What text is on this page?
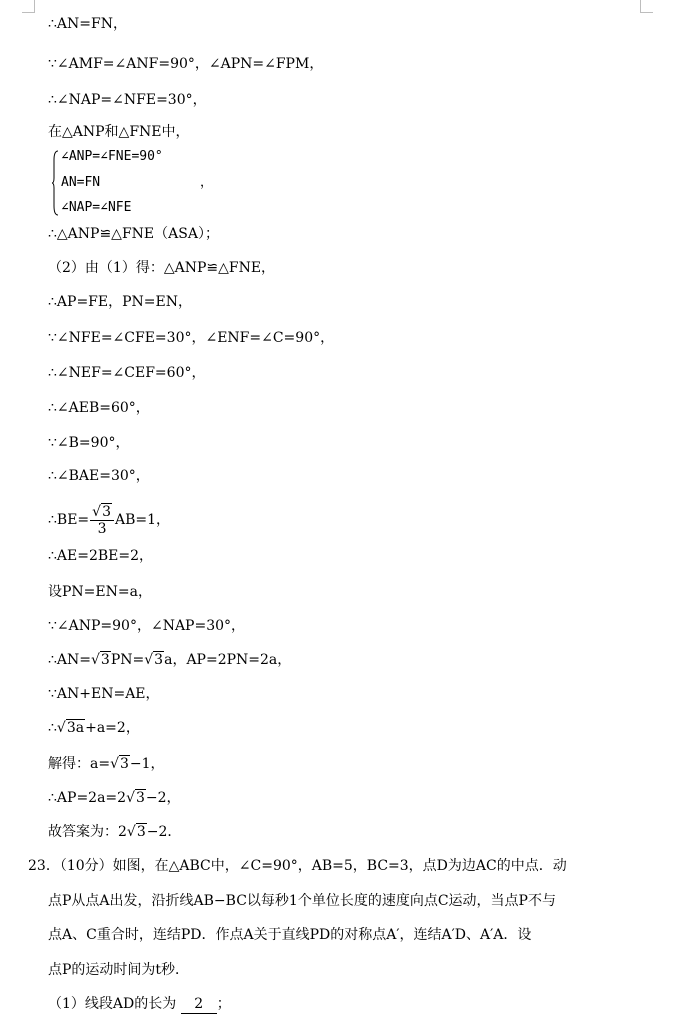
∴AN=FN，
∵∠AMF=∠ANF=90°，∠APN=∠FPM，
∴∠NAP=∠NFE=30°，
在△ANP和△FNE中，
∠ANP=∠FNE=90°
AN=FN
∠NAP=∠NFE
，
∴△ANP≌△FNE（ASA）；
（2）由（1）得：△ANP≌△FNE，
∴AP=FE，PN=EN，
∵∠NFE=∠CFE=30°，∠ENF=∠C=90°，
∴∠NEF=∠CEF=60°，
∴∠AEB=60°，
∵∠B=90°，
∴∠BAE=30°，
∴BE= $\frac{√3}{3} AB=1$，
∴AE=2BE=2，
设PN=EN=a，
∵∠ANP=90°，∠NAP=30°，
∴AN=√3PN=√3a，AP=2PN=2a，
∵AN+EN=AE，
∴√3a+a=2，
解得：a=√3−1，
∴AP=2a=2√3−2，
故答案为：2√3−2．
23．（10分）如图，在△ABC中，∠C=90°，AB=5，BC=3，点D为边AC的中点．动
点P从点A出发，沿折线AB−BC以每秒1个单位长度的速度向点C运动，当点P不与
点A、C重合时，连结PD．作点A关于直线PD的对称点A′，连结A′D、A′A．设
点P的运动时间为t秒．
（1）线段AD的长为 2 ；
